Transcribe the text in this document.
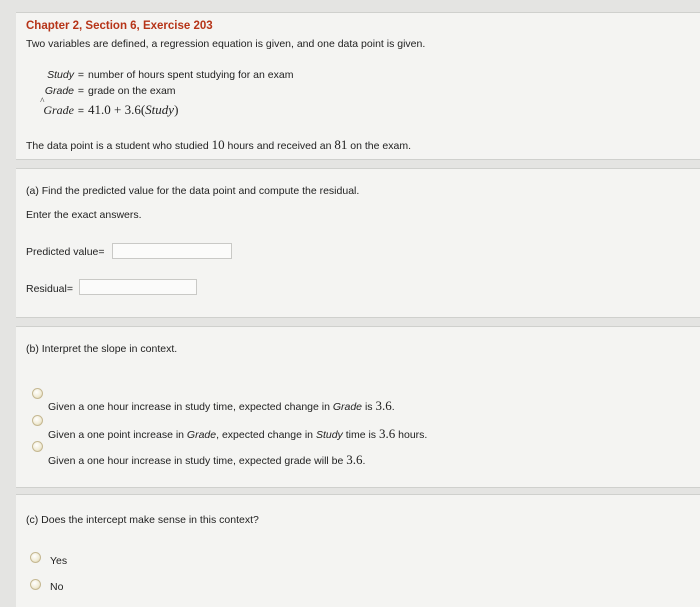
Chapter 2, Section 6, Exercise 203
Two variables are defined, a regression equation is given, and one data point is given.
Study = number of hours spent studying for an exam
Grade = grade on the exam
^ Grade = 41.0 + 3.6(Study)
The data point is a student who studied 10 hours and received an 81 on the exam.
(a) Find the predicted value for the data point and compute the residual.
Enter the exact answers.
Predicted value=
Residual=
(b) Interpret the slope in context.
Given a one hour increase in study time, expected change in Grade is 3.6.
Given a one point increase in Grade, expected change in Study time is 3.6 hours.
Given a one hour increase in study time, expected grade will be 3.6.
(c) Does the intercept make sense in this context?
Yes
No
